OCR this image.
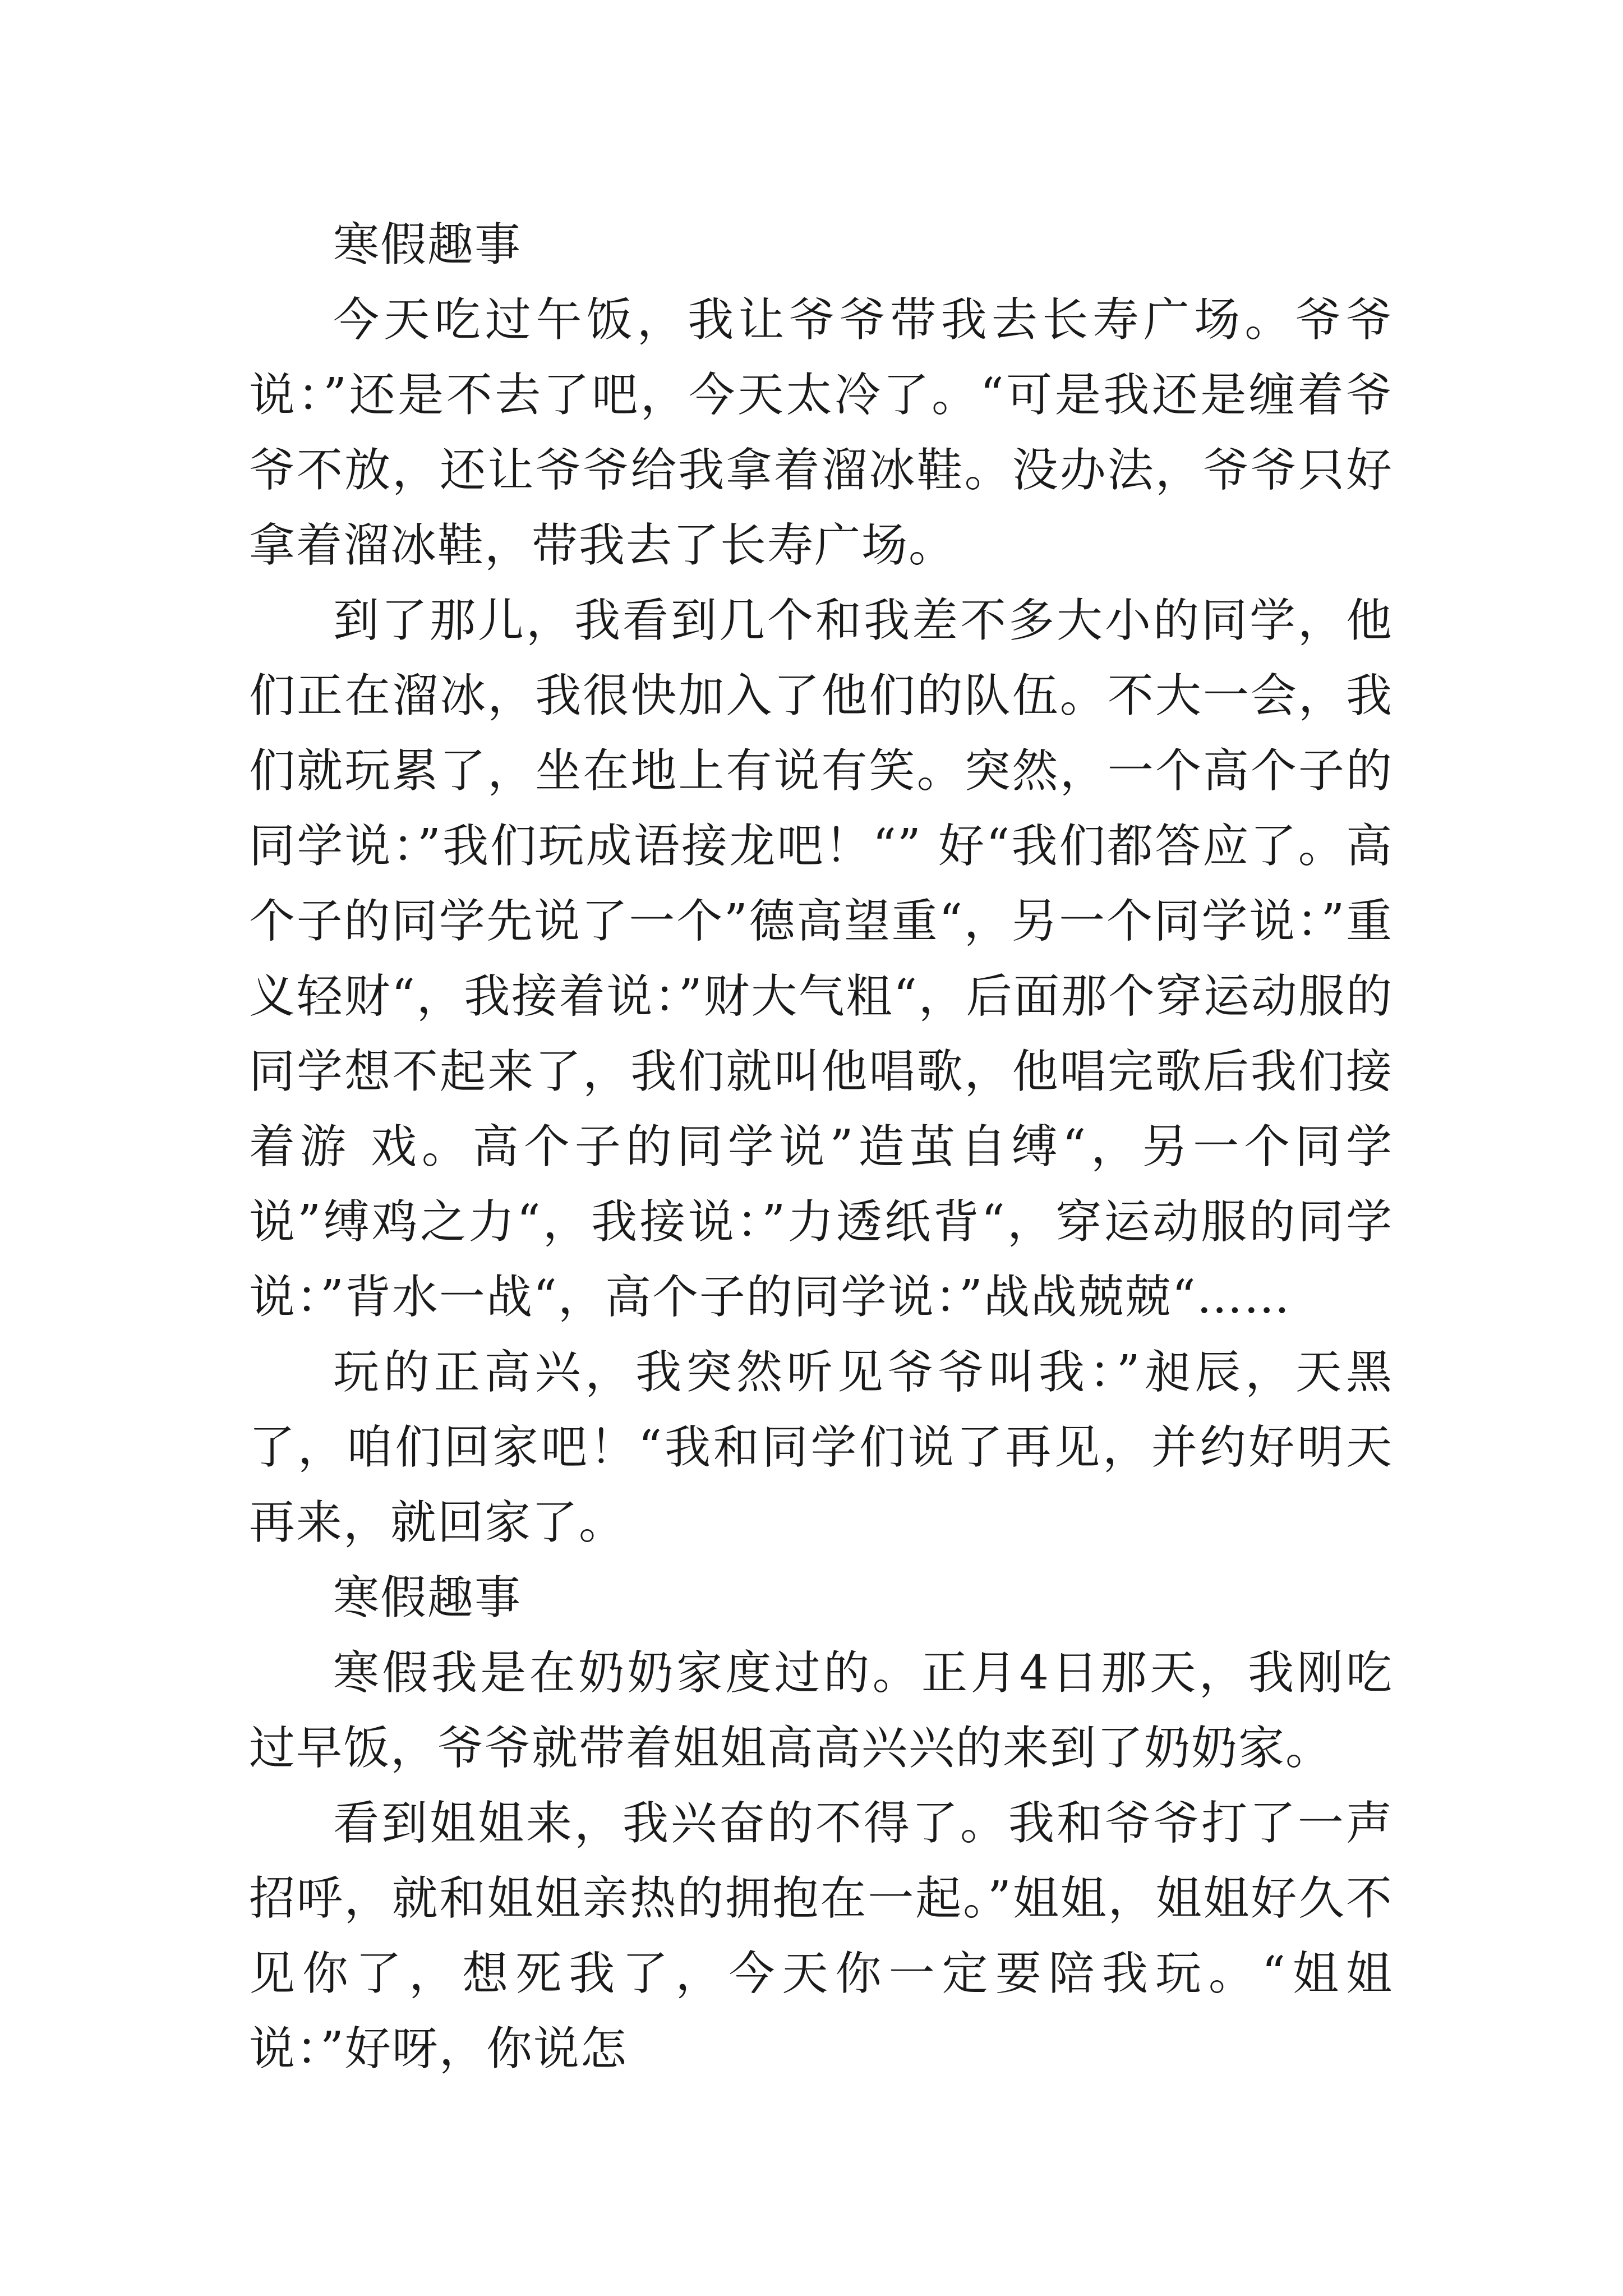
寒假趣事

今天吃过午饭，我让爷爷带我去长寿广场。爷爷说：”还是不去了吧，今天太冷了。“可是我还是缠着爷爷不放，还让爷爷给我拿着溜冰鞋。没办法，爷爷只好拿着溜冰鞋，带我去了长寿广场。

到了那儿，我看到几个和我差不多大小的同学，他们正在溜冰，我很快加入了他们的队伍。不大一会，我们就玩累了，坐在地上有说有笑。突然，一个高个子的同学说：”我们玩成语接龙吧！“” 好“我们都答应了。高个子的同学先说了一个”德高望重“，另一个同学说：”重义轻财“，我接着说：”财大气粗“，后面那个穿运动服的同学想不起来了，我们就叫他唱歌，他唱完歌后我们接着游 戏。高个子的同学说”造茧自缚“，另一个同学说”缚鸡之力“，我接说：”力透纸背“，穿运动服的同学说：”背水一战“，高个子的同学说：”战战兢兢“……

玩的正高兴，我突然听见爷爷叫我：”昶辰，天黑了，咱们回家吧！“我和同学们说了再见，并约好明天再来，就回家了。

寒假趣事

寒假我是在奶奶家度过的。正月4日那天，我刚吃过早饭，爷爷就带着姐姐高高兴兴的来到了奶奶家。

看到姐姐来，我兴奋的不得了。我和爷爷打了一声招呼，就和姐姐亲热的拥抱在一起。”姐姐，姐姐好久不见你了，想死我了，今天你一定要陪我玩。“姐姐说：”好呀，你说怎
